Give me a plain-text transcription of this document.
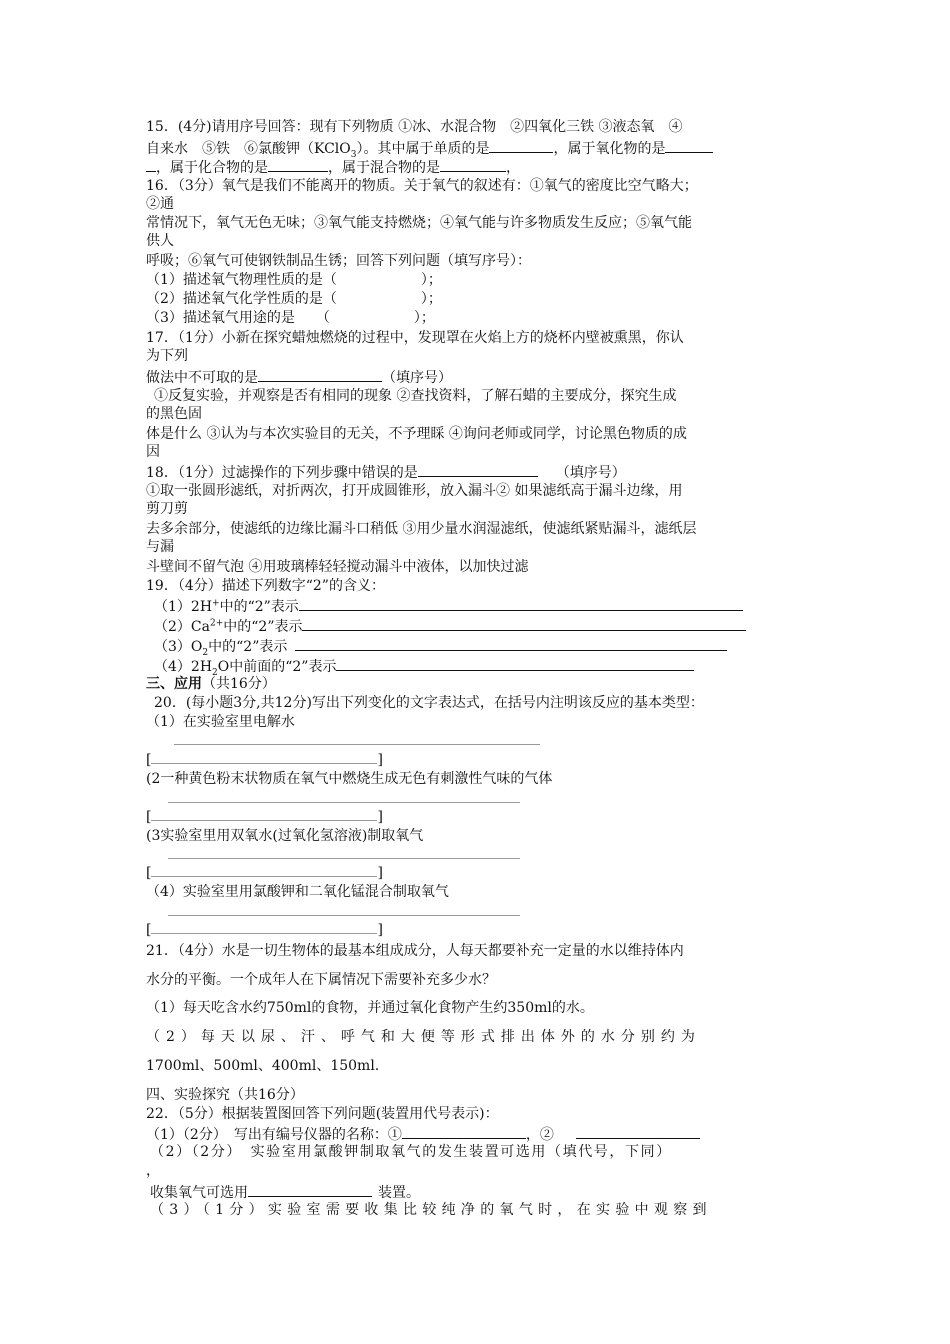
15．(4分)请用序号回答：现有下列物质 ①冰、水混合物　②四氧化三铁 ③液态氧　④
自来水　⑤铁　⑥氯酸钾（KClO$_3$）。其中属于单质的是	，属于氧化物的是
，属于化合物的是	，属于混合物的是	，
16．（3分）氧气是我们不能离开的物质。关于氧气的叙述有：①氧气的密度比空气略大；
②通
常情况下，氧气无色无味；③氧气能支持燃烧；④氧气能与许多物质发生反应；⑤氧气能
供人
呼吸；⑥氧气可使钢铁制品生锈；回答下列问题（填写序号）：
（1）描述氧气物理性质的是（　　　　　　）；
（2）描述氧气化学性质的是（　　　　　　）；
（3）描述氧气用途的是　　（　　　　　　）；
17．（1分）小新在探究蜡烛燃烧的过程中，发现罩在火焰上方的烧杯内壁被熏黑，你认
为下列
做法中不可取的是	（填序号）
①反复实验，并观察是否有相同的现象 ②查找资料，了解石蜡的主要成分，探究生成
的黑色固
体是什么 ③认为与本次实验目的无关，不予理睬 ④询问老师或同学，讨论黑色物质的成
因
18．（1分）过滤操作的下列步骤中错误的是	（填序号）
①取一张圆形滤纸，对折两次，打开成圆锥形，放入漏斗② 如果滤纸高于漏斗边缘，用
剪刀剪
去多余部分，使滤纸的边缘比漏斗口稍低 ③用少量水润湿滤纸，使滤纸紧贴漏斗，滤纸层
与漏
斗壁间不留气泡 ④用玻璃棒轻轻搅动漏斗中液体，以加快过滤
19．（4分）描述下列数字“2”的含义：
（1）2H+中的“2”表示
$(2)Ca^{2+}$中的“2”表示
$(3)O_2$中的“2”表示
$(4)2H_2O$中前面的“2”表示
三、应用（共16分）
20．(每小题3分,共12分)写出下列变化的文字表达式，在括号内注明该反应的基本类型：
（1）在实验室里电解水
[	]
(2一种黄色粉末状物质在氧气中燃烧生成无色有刺激性气味的气体
[	]
(3实验室里用双氧水(过氧化氢溶液)制取氧气
[	]
（4）实验室里用氯酸钾和二氧化锰混合制取氧气
[	]
21．（4分）水是一切生物体的最基本组成成分，人每天都要补充一定量的水以维持体内
水分的平衡。一个成年人在下属情况下需要补充多少水？
（1）每天吃含水约750ml的食物，并通过氧化食物产生约350ml的水。
（2）每天以尿、汗、呼气和大便等形式排出体外的水分别约为
1700ml、500ml、400ml、150ml.
四、实验探究（共16分）
22．（5分）根据装置图回答下列问题(装置用代号表示)：
（1）（2分）　写出有编号仪器的名称：①	，②
（2）（2分）　实验室用氯酸钾制取氧气的发生装置可选用（填代号，下同）
，
收集氧气可选用	装置。
（3）（1分）实验室需要收集比较纯净的氧气时，在实验中观察到
